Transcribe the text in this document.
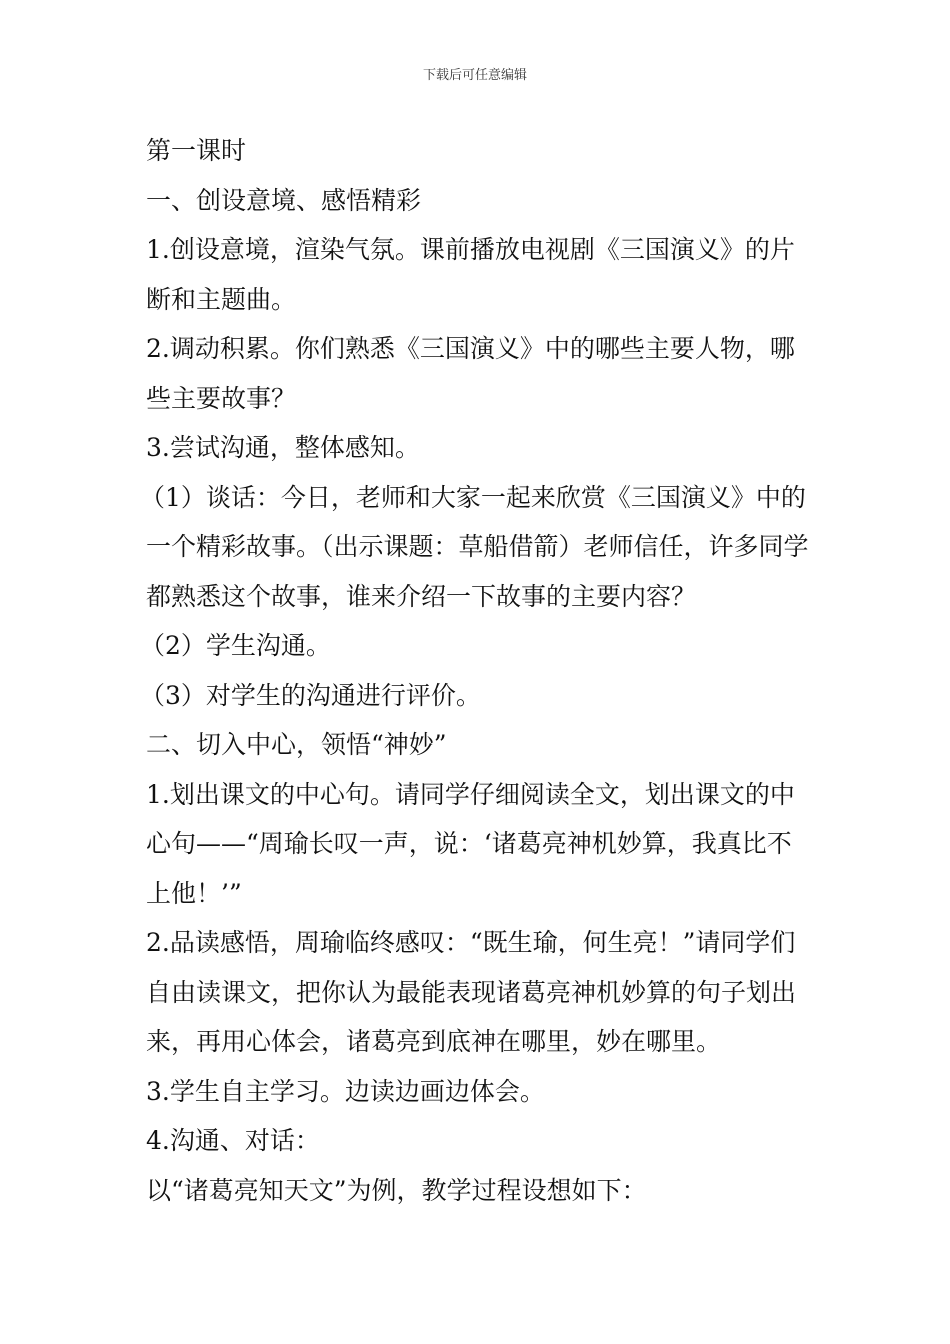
下载后可任意编辑

第一课时

一、创设意境、感悟精彩

1.创设意境，渲染气氛。课前播放电视剧《三国演义》的片断和主题曲。

2.调动积累。你们熟悉《三国演义》中的哪些主要人物，哪些主要故事？

3.尝试沟通，整体感知。

（1）谈话：今日，老师和大家一起来欣赏《三国演义》中的一个精彩故事。（出示课题：草船借箭）老师信任，许多同学都熟悉这个故事，谁来介绍一下故事的主要内容？

（2）学生沟通。

（3）对学生的沟通进行评价。

二、切入中心，领悟“神妙”

1.划出课文的中心句。请同学仔细阅读全文，划出课文的中心句——“周瑜长叹一声，说：‘诸葛亮神机妙算，我真比不上他！’”

2.品读感悟，周瑜临终感叹：“既生瑜，何生亮！”请同学们自由读课文，把你认为最能表现诸葛亮神机妙算的句子划出来，再用心体会，诸葛亮到底神在哪里，妙在哪里。

3.学生自主学习。边读边画边体会。

4.沟通、对话：

以“诸葛亮知天文”为例，教学过程设想如下：
